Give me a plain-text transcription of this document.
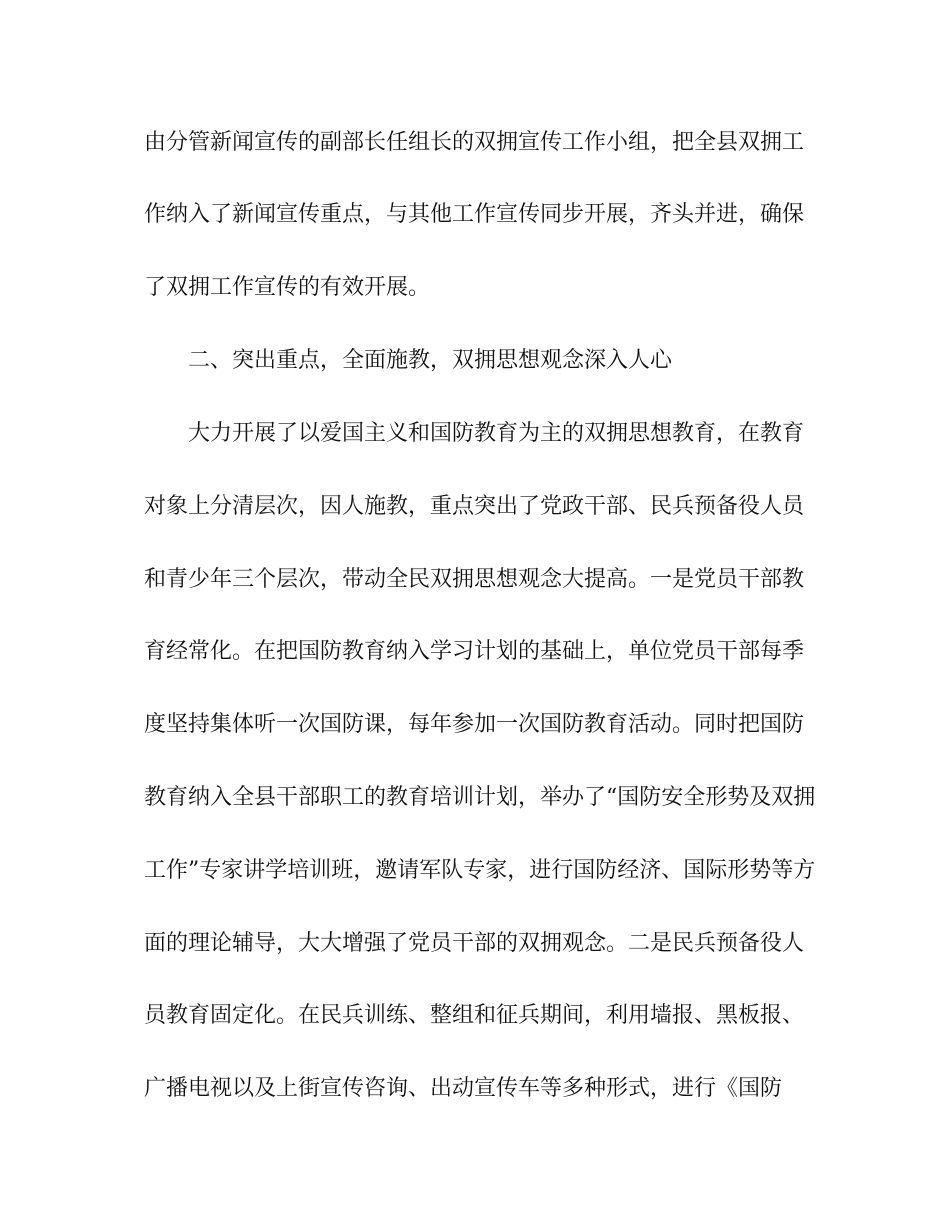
由分管新闻宣传的副部长任组长的双拥宣传工作小组，把全县双拥工

作纳入了新闻宣传重点，与其他工作宣传同步开展，齐头并进，确保

了双拥工作宣传的有效开展。

二、突出重点，全面施教，双拥思想观念深入人心

大力开展了以爱国主义和国防教育为主的双拥思想教育，在教育

对象上分清层次，因人施教，重点突出了党政干部、民兵预备役人员

和青少年三个层次，带动全民双拥思想观念大提高。一是党员干部教

育经常化。在把国防教育纳入学习计划的基础上，单位党员干部每季

度坚持集体听一次国防课，每年参加一次国防教育活动。同时把国防

教育纳入全县干部职工的教育培训计划，举办了“国防安全形势及双拥

工作”专家讲学培训班，邀请军队专家，进行国防经济、国际形势等方

面的理论辅导，大大增强了党员干部的双拥观念。二是民兵预备役人

员教育固定化。在民兵训练、整组和征兵期间，利用墙报、黑板报、

广播电视以及上街宣传咨询、出动宣传车等多种形式，进行《国防
